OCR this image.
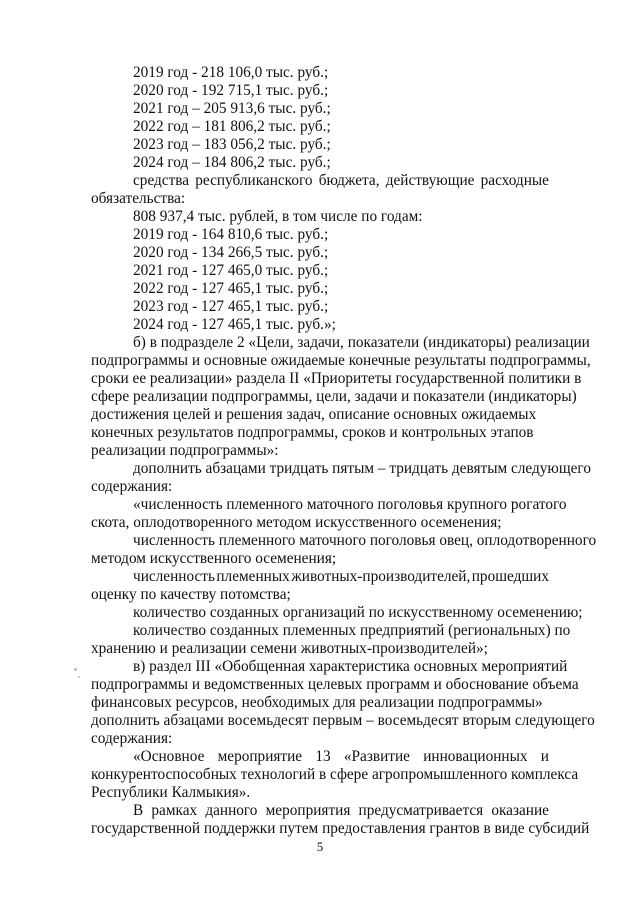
2019 год - 218 106,0 тыс. руб.;
2020 год - 192 715,1 тыс. руб.;
2021 год – 205 913,6 тыс. руб.;
2022 год – 181 806,2 тыс. руб.;
2023 год – 183 056,2 тыс. руб.;
2024 год – 184 806,2 тыс. руб.;
средства республиканского бюджета, действующие расходные
обязательства:
808 937,4 тыс. рублей, в том числе по годам:
2019 год - 164 810,6 тыс. руб.;
2020 год - 134 266,5 тыс. руб.;
2021 год - 127 465,0 тыс. руб.;
2022 год - 127 465,1 тыс. руб.;
2023 год - 127 465,1 тыс. руб.;
2024 год - 127 465,1 тыс. руб.»;
б) в подразделе 2 «Цели, задачи, показатели (индикаторы) реализации
подпрограммы и основные ожидаемые конечные результаты подпрограммы,
сроки ее реализации» раздела II «Приоритеты государственной политики в
сфере реализации подпрограммы, цели, задачи и показатели (индикаторы)
достижения целей и решения задач, описание основных ожидаемых
конечных результатов подпрограммы, сроков и контрольных этапов
реализации подпрограммы»:
дополнить абзацами тридцать пятым – тридцать девятым следующего
содержания:
«численность племенного маточного поголовья крупного рогатого
скота, оплодотворенного методом искусственного осеменения;
численность племенного маточного поголовья овец, оплодотворенного
методом искусственного осеменения;
численность племенных животных-производителей, прошедших
оценку по качеству потомства;
количество созданных организаций по искусственному осеменению;
количество созданных племенных предприятий (региональных) по
хранению и реализации семени животных-производителей»;
в) раздел III «Обобщенная характеристика основных мероприятий
подпрограммы и ведомственных целевых программ и обоснование объема
финансовых ресурсов, необходимых для реализации подпрограммы»
дополнить абзацами восемьдесят первым – восемьдесят вторым следующего
содержания:
«Основное мероприятие 13 «Развитие инновационных и
конкурентоспособных технологий в сфере агропромышленного комплекса
Республики Калмыкия».
В рамках данного мероприятия предусматривается оказание
государственной поддержки путем предоставления грантов в виде субсидий
5
